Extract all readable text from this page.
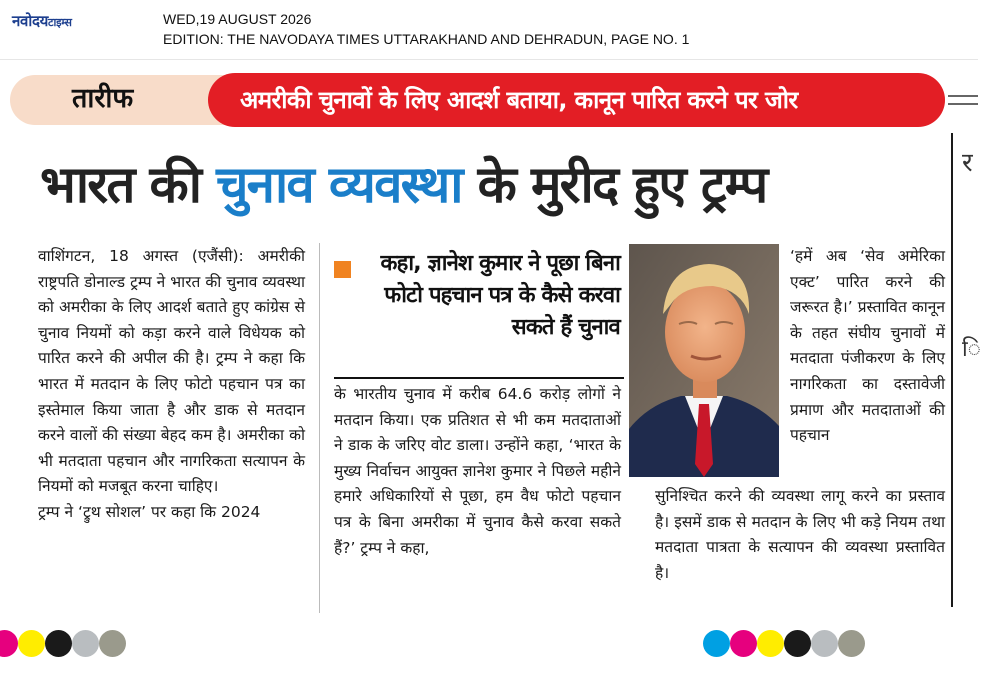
नवोदयटाइम्स	WED,19 AUGUST 2026
EDITION: THE NAVODAYA TIMES UTTARAKHAND AND DEHRADUN, PAGE NO. 1
तारीफ	अमरीकी चुनावों के लिए आदर्श बताया, कानून पारित करने पर जोर
भारत की चुनाव व्यवस्था के मुरीद हुए ट्रम्प	र
ि

वाशिंगटन, 18 अगस्त (एजैंसी): अमरीकी राष्ट्रपति डोनाल्ड ट्रम्प ने भारत की चुनाव व्यवस्था को अमरीका के लिए आदर्श बताते हुए कांग्रेस से चुनाव नियमों को कड़ा करने वाले विधेयक को पारित करने की अपील की है। ट्रम्प ने कहा कि भारत में मतदान के लिए फोटो पहचान पत्र का इस्तेमाल किया जाता है और डाक से मतदान करने वालों की संख्या बेहद कम है। अमरीका को भी मतदाता पहचान और नागरिकता सत्यापन के नियमों को मजबूत करना चाहिए।

ट्रम्प ने ‘ट्रुथ सोशल’ पर कहा कि 2024

कहा, ज्ञानेश कुमार ने पूछा बिना फोटो पहचान पत्र के कैसे करवा सकते हैं चुनाव

के भारतीय चुनाव में करीब 64.6 करोड़ लोगों ने मतदान किया। एक प्रतिशत से भी कम मतदाताओं ने डाक के जरिए वोट डाला। उन्होंने कहा, ‘भारत के मुख्य निर्वाचन आयुक्त ज्ञानेश कुमार ने पिछले महीने हमारे अधिकारियों से पूछा, हम वैध फोटो पहचान पत्र के बिना अमरीका में चुनाव कैसे करवा सकते हैं?’ ट्रम्प ने कहा,

‘हमें अब ‘सेव अमेरिका एक्ट’ पारित करने की जरूरत है।’ प्रस्तावित कानून के तहत संघीय चुनावों में मतदाता पंजीकरण के लिए नागरिकता का दस्तावेजी प्रमाण और मतदाताओं की पहचान

सुनिश्चित करने की व्यवस्था लागू करने का प्रस्ताव है। इसमें डाक से मतदान के लिए भी कड़े नियम तथा मतदाता पात्रता के सत्यापन की व्यवस्था प्रस्तावित है।
